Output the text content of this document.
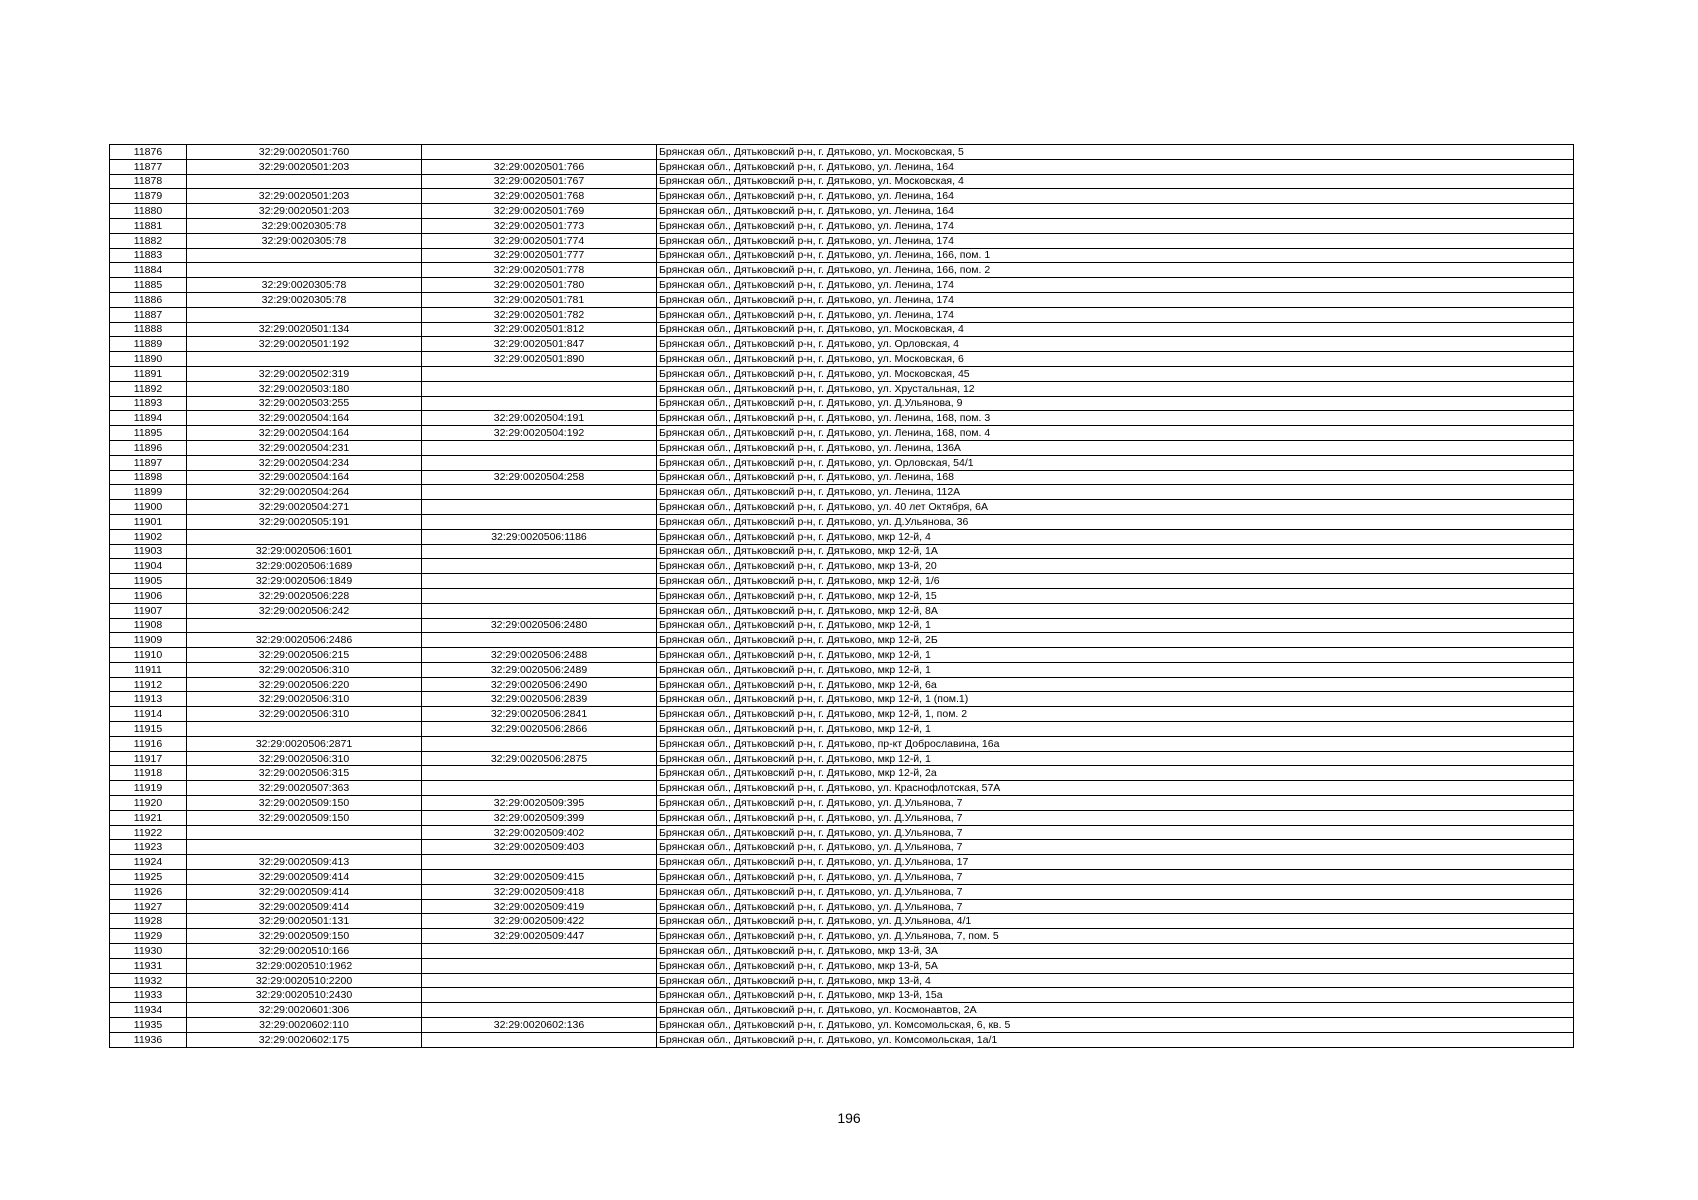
11876	32:29:0020501:760		Брянская обл., Дятьковский р-н, г. Дятьково, ул. Московская, 5
11877	32:29:0020501:203	32:29:0020501:766	Брянская обл., Дятьковский р-н, г. Дятьково, ул. Ленина, 164
11878		32:29:0020501:767	Брянская обл., Дятьковский р-н, г. Дятьково, ул. Московская, 4
11879	32:29:0020501:203	32:29:0020501:768	Брянская обл., Дятьковский р-н, г. Дятьково, ул. Ленина, 164
11880	32:29:0020501:203	32:29:0020501:769	Брянская обл., Дятьковский р-н, г. Дятьково, ул. Ленина, 164
11881	32:29:0020305:78	32:29:0020501:773	Брянская обл., Дятьковский р-н, г. Дятьково, ул. Ленина, 174
11882	32:29:0020305:78	32:29:0020501:774	Брянская обл., Дятьковский р-н, г. Дятьково, ул. Ленина, 174
11883		32:29:0020501:777	Брянская обл., Дятьковский р-н, г. Дятьково, ул. Ленина, 166, пом. 1
11884		32:29:0020501:778	Брянская обл., Дятьковский р-н, г. Дятьково, ул. Ленина, 166, пом. 2
11885	32:29:0020305:78	32:29:0020501:780	Брянская обл., Дятьковский р-н, г. Дятьково, ул. Ленина, 174
11886	32:29:0020305:78	32:29:0020501:781	Брянская обл., Дятьковский р-н, г. Дятьково, ул. Ленина, 174
11887		32:29:0020501:782	Брянская обл., Дятьковский р-н, г. Дятьково, ул. Ленина, 174
11888	32:29:0020501:134	32:29:0020501:812	Брянская обл., Дятьковский р-н, г. Дятьково, ул. Московская, 4
11889	32:29:0020501:192	32:29:0020501:847	Брянская обл., Дятьковский р-н, г. Дятьково, ул. Орловская, 4
11890		32:29:0020501:890	Брянская обл., Дятьковский р-н, г. Дятьково, ул. Московская, 6
11891	32:29:0020502:319		Брянская обл., Дятьковский р-н, г. Дятьково, ул. Московская, 45
11892	32:29:0020503:180		Брянская обл., Дятьковский р-н, г. Дятьково, ул. Хрустальная, 12
11893	32:29:0020503:255		Брянская обл., Дятьковский р-н, г. Дятьково, ул. Д.Ульянова, 9
11894	32:29:0020504:164	32:29:0020504:191	Брянская обл., Дятьковский р-н, г. Дятьково, ул. Ленина, 168, пом. 3
11895	32:29:0020504:164	32:29:0020504:192	Брянская обл., Дятьковский р-н, г. Дятьково, ул. Ленина, 168, пом. 4
11896	32:29:0020504:231		Брянская обл., Дятьковский р-н, г. Дятьково, ул. Ленина, 136А
11897	32:29:0020504:234		Брянская обл., Дятьковский р-н, г. Дятьково, ул. Орловская, 54/1
11898	32:29:0020504:164	32:29:0020504:258	Брянская обл., Дятьковский р-н, г. Дятьково, ул. Ленина, 168
11899	32:29:0020504:264		Брянская обл., Дятьковский р-н, г. Дятьково, ул. Ленина, 112А
11900	32:29:0020504:271		Брянская обл., Дятьковский р-н, г. Дятьково, ул. 40 лет Октября, 6А
11901	32:29:0020505:191		Брянская обл., Дятьковский р-н, г. Дятьково, ул. Д.Ульянова, 36
11902		32:29:0020506:1186	Брянская обл., Дятьковский р-н, г. Дятьково, мкр 12-й, 4
11903	32:29:0020506:1601		Брянская обл., Дятьковский р-н, г. Дятьково, мкр 12-й, 1А
11904	32:29:0020506:1689		Брянская обл., Дятьковский р-н, г. Дятьково, мкр 13-й, 20
11905	32:29:0020506:1849		Брянская обл., Дятьковский р-н, г. Дятьково, мкр 12-й, 1/6
11906	32:29:0020506:228		Брянская обл., Дятьковский р-н, г. Дятьково, мкр 12-й, 15
11907	32:29:0020506:242		Брянская обл., Дятьковский р-н, г. Дятьково, мкр 12-й, 8А
11908		32:29:0020506:2480	Брянская обл., Дятьковский р-н, г. Дятьково, мкр 12-й, 1
11909	32:29:0020506:2486		Брянская обл., Дятьковский р-н, г. Дятьково, мкр 12-й, 2Б
11910	32:29:0020506:215	32:29:0020506:2488	Брянская обл., Дятьковский р-н, г. Дятьково, мкр 12-й, 1
11911	32:29:0020506:310	32:29:0020506:2489	Брянская обл., Дятьковский р-н, г. Дятьково, мкр 12-й, 1
11912	32:29:0020506:220	32:29:0020506:2490	Брянская обл., Дятьковский р-н, г. Дятьково, мкр 12-й, 6а
11913	32:29:0020506:310	32:29:0020506:2839	Брянская обл., Дятьковский р-н, г. Дятьково, мкр 12-й, 1 (пом.1)
11914	32:29:0020506:310	32:29:0020506:2841	Брянская обл., Дятьковский р-н, г. Дятьково, мкр 12-й, 1, пом. 2
11915		32:29:0020506:2866	Брянская обл., Дятьковский р-н, г. Дятьково, мкр 12-й, 1
11916	32:29:0020506:2871		Брянская обл., Дятьковский р-н, г. Дятьково, пр-кт Доброславина, 16а
11917	32:29:0020506:310	32:29:0020506:2875	Брянская обл., Дятьковский р-н, г. Дятьково, мкр 12-й, 1
11918	32:29:0020506:315		Брянская обл., Дятьковский р-н, г. Дятьково, мкр 12-й, 2а
11919	32:29:0020507:363		Брянская обл., Дятьковский р-н, г. Дятьково, ул. Краснофлотская, 57А
11920	32:29:0020509:150	32:29:0020509:395	Брянская обл., Дятьковский р-н, г. Дятьково, ул. Д.Ульянова, 7
11921	32:29:0020509:150	32:29:0020509:399	Брянская обл., Дятьковский р-н, г. Дятьково, ул. Д.Ульянова, 7
11922		32:29:0020509:402	Брянская обл., Дятьковский р-н, г. Дятьково, ул. Д.Ульянова, 7
11923		32:29:0020509:403	Брянская обл., Дятьковский р-н, г. Дятьково, ул. Д.Ульянова, 7
11924	32:29:0020509:413		Брянская обл., Дятьковский р-н, г. Дятьково, ул. Д.Ульянова, 17
11925	32:29:0020509:414	32:29:0020509:415	Брянская обл., Дятьковский р-н, г. Дятьково, ул. Д.Ульянова, 7
11926	32:29:0020509:414	32:29:0020509:418	Брянская обл., Дятьковский р-н, г. Дятьково, ул. Д.Ульянова, 7
11927	32:29:0020509:414	32:29:0020509:419	Брянская обл., Дятьковский р-н, г. Дятьково, ул. Д.Ульянова, 7
11928	32:29:0020501:131	32:29:0020509:422	Брянская обл., Дятьковский р-н, г. Дятьково, ул. Д.Ульянова, 4/1
11929	32:29:0020509:150	32:29:0020509:447	Брянская обл., Дятьковский р-н, г. Дятьково, ул. Д.Ульянова, 7, пом. 5
11930	32:29:0020510:166		Брянская обл., Дятьковский р-н, г. Дятьково, мкр 13-й, 3А
11931	32:29:0020510:1962		Брянская обл., Дятьковский р-н, г. Дятьково, мкр 13-й, 5А
11932	32:29:0020510:2200		Брянская обл., Дятьковский р-н, г. Дятьково, мкр 13-й, 4
11933	32:29:0020510:2430		Брянская обл., Дятьковский р-н, г. Дятьково, мкр 13-й, 15а
11934	32:29:0020601:306		Брянская обл., Дятьковский р-н, г. Дятьково, ул. Космонавтов, 2А
11935	32:29:0020602:110	32:29:0020602:136	Брянская обл., Дятьковский р-н, г. Дятьково, ул. Комсомольская, 6, кв. 5
11936	32:29:0020602:175		Брянская обл., Дятьковский р-н, г. Дятьково, ул. Комсомольская, 1а/1
196
